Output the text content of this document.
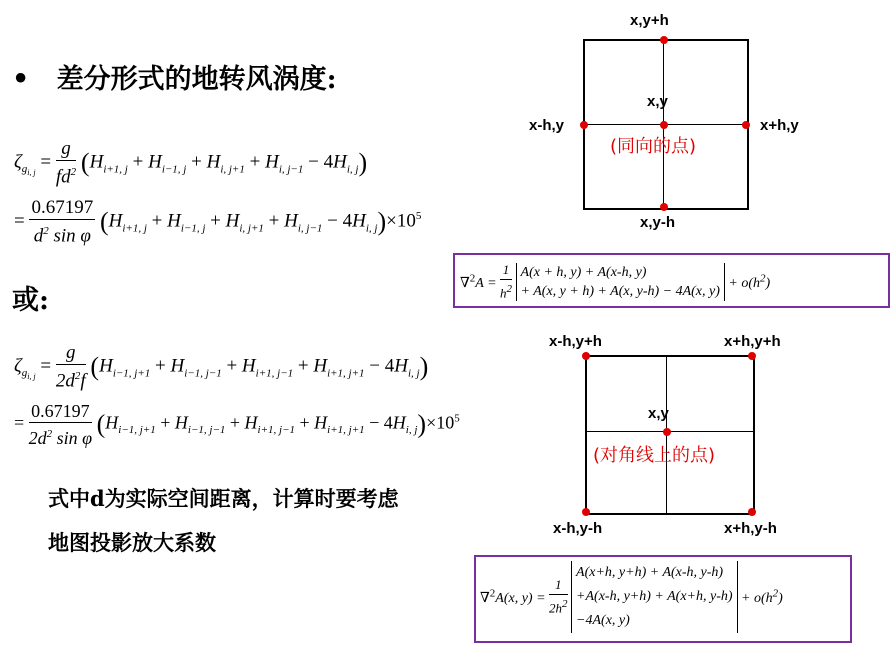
• 差分形式的地转风涡度:
$\zeta_{g_{i, j}} = \frac{g}{fd^2} (H_{i+1, j} + H_{i-1, j} + H_{i, j+1} + H_{i, j-1} - 4H_{i, j})$
= $\frac{0.67197}{d^2 \sin \varphi} (H_{i+1, j} + H_{i-1, j} + H_{i, j+1} + H_{i, j-1} - 4H_{i, j})\times 10^5$
或:
$\zeta_{g_{i, j}} = \frac{g}{2d^2f} (H_{i-1, j+1} + H_{i-1, j-1} + H_{i+1, j-1} + H_{i+1, j+1} - 4H_{i, j})$
= $\frac{0.67197}{2d^2 \sin \varphi} (H_{i-1, j+1} + H_{i-1, j-1} + H_{i+1, j-1} + H_{i+1, j+1} - 4H_{i, j})\times 10^5$
式中d为实际空间距离，计算时要考虑
地图投影放大系数
x,y+h
x,y
x-h,y	x+h,y
x,y-h
(同向的点)
$\nabla^2A = \frac{1}{h^2}$
A(x + h, y) + A(x-h, y)
+ A(x, y + h) + A(x, y-h) − 4A(x, y)
+ $o(h^2)$
x-h,y+h	x+h,y+h
x,y
x-h,y-h	x+h,y-h
(对角线上的点)
∇$^2$A(x, $y) = \frac{1}{2h^2}$

A(x+h, y+h) + A(x-h, y-h)
+A(x-h, y+h) + A(x+h, y-h)
−4A(x, y)
+ $o(h^2)$
